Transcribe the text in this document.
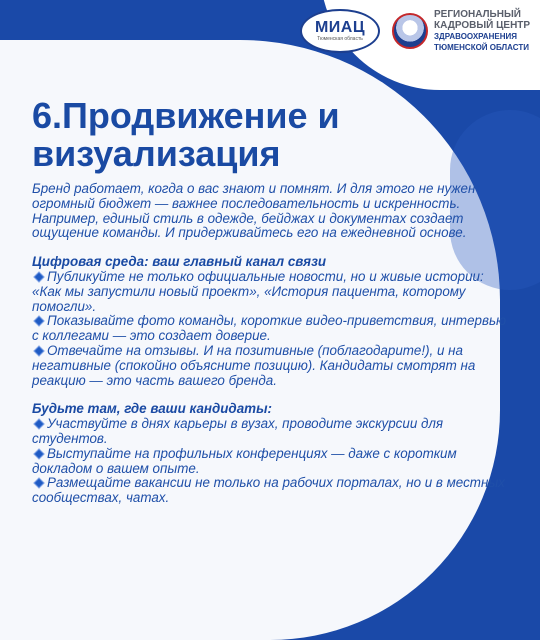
МИАЦ
Тюменская область
РЕГИОНАЛЬНЫЙ
КАДРОВЫЙ ЦЕНТР
ЗДРАВООХРАНЕНИЯ
ТЮМЕНСКОЙ ОБЛАСТИ
6.Продвижение и визуализация

Бренд работает, когда о вас знают и помнят. И для этого не нужен огромный бюджет — важнее последовательность и искренность. Например, единый стиль в одежде, бейджах и документах создает ощущение команды. И придерживайтесь его на ежедневной основе.

Цифровая среда: ваш главный канал связи

Публикуйте не только официальные новости, но и живые истории: «Как мы запустили новый проект», «История пациента, которому помогли».

Показывайте фото команды, короткие видео-приветствия, интервью с коллегами — это создает доверие.

Отвечайте на отзывы. И на позитивные (поблагодарите!), и на негативные (спокойно объясните позицию). Кандидаты смотрят на реакцию — это часть вашего бренда.

Будьте там, где ваши кандидаты:

Участвуйте в днях карьеры в вузах, проводите экскурсии для студентов.

Выступайте на профильных конференциях — даже с коротким докладом о вашем опыте.

Размещайте вакансии не только на рабочих порталах, но и в местных сообществах, чатах.
